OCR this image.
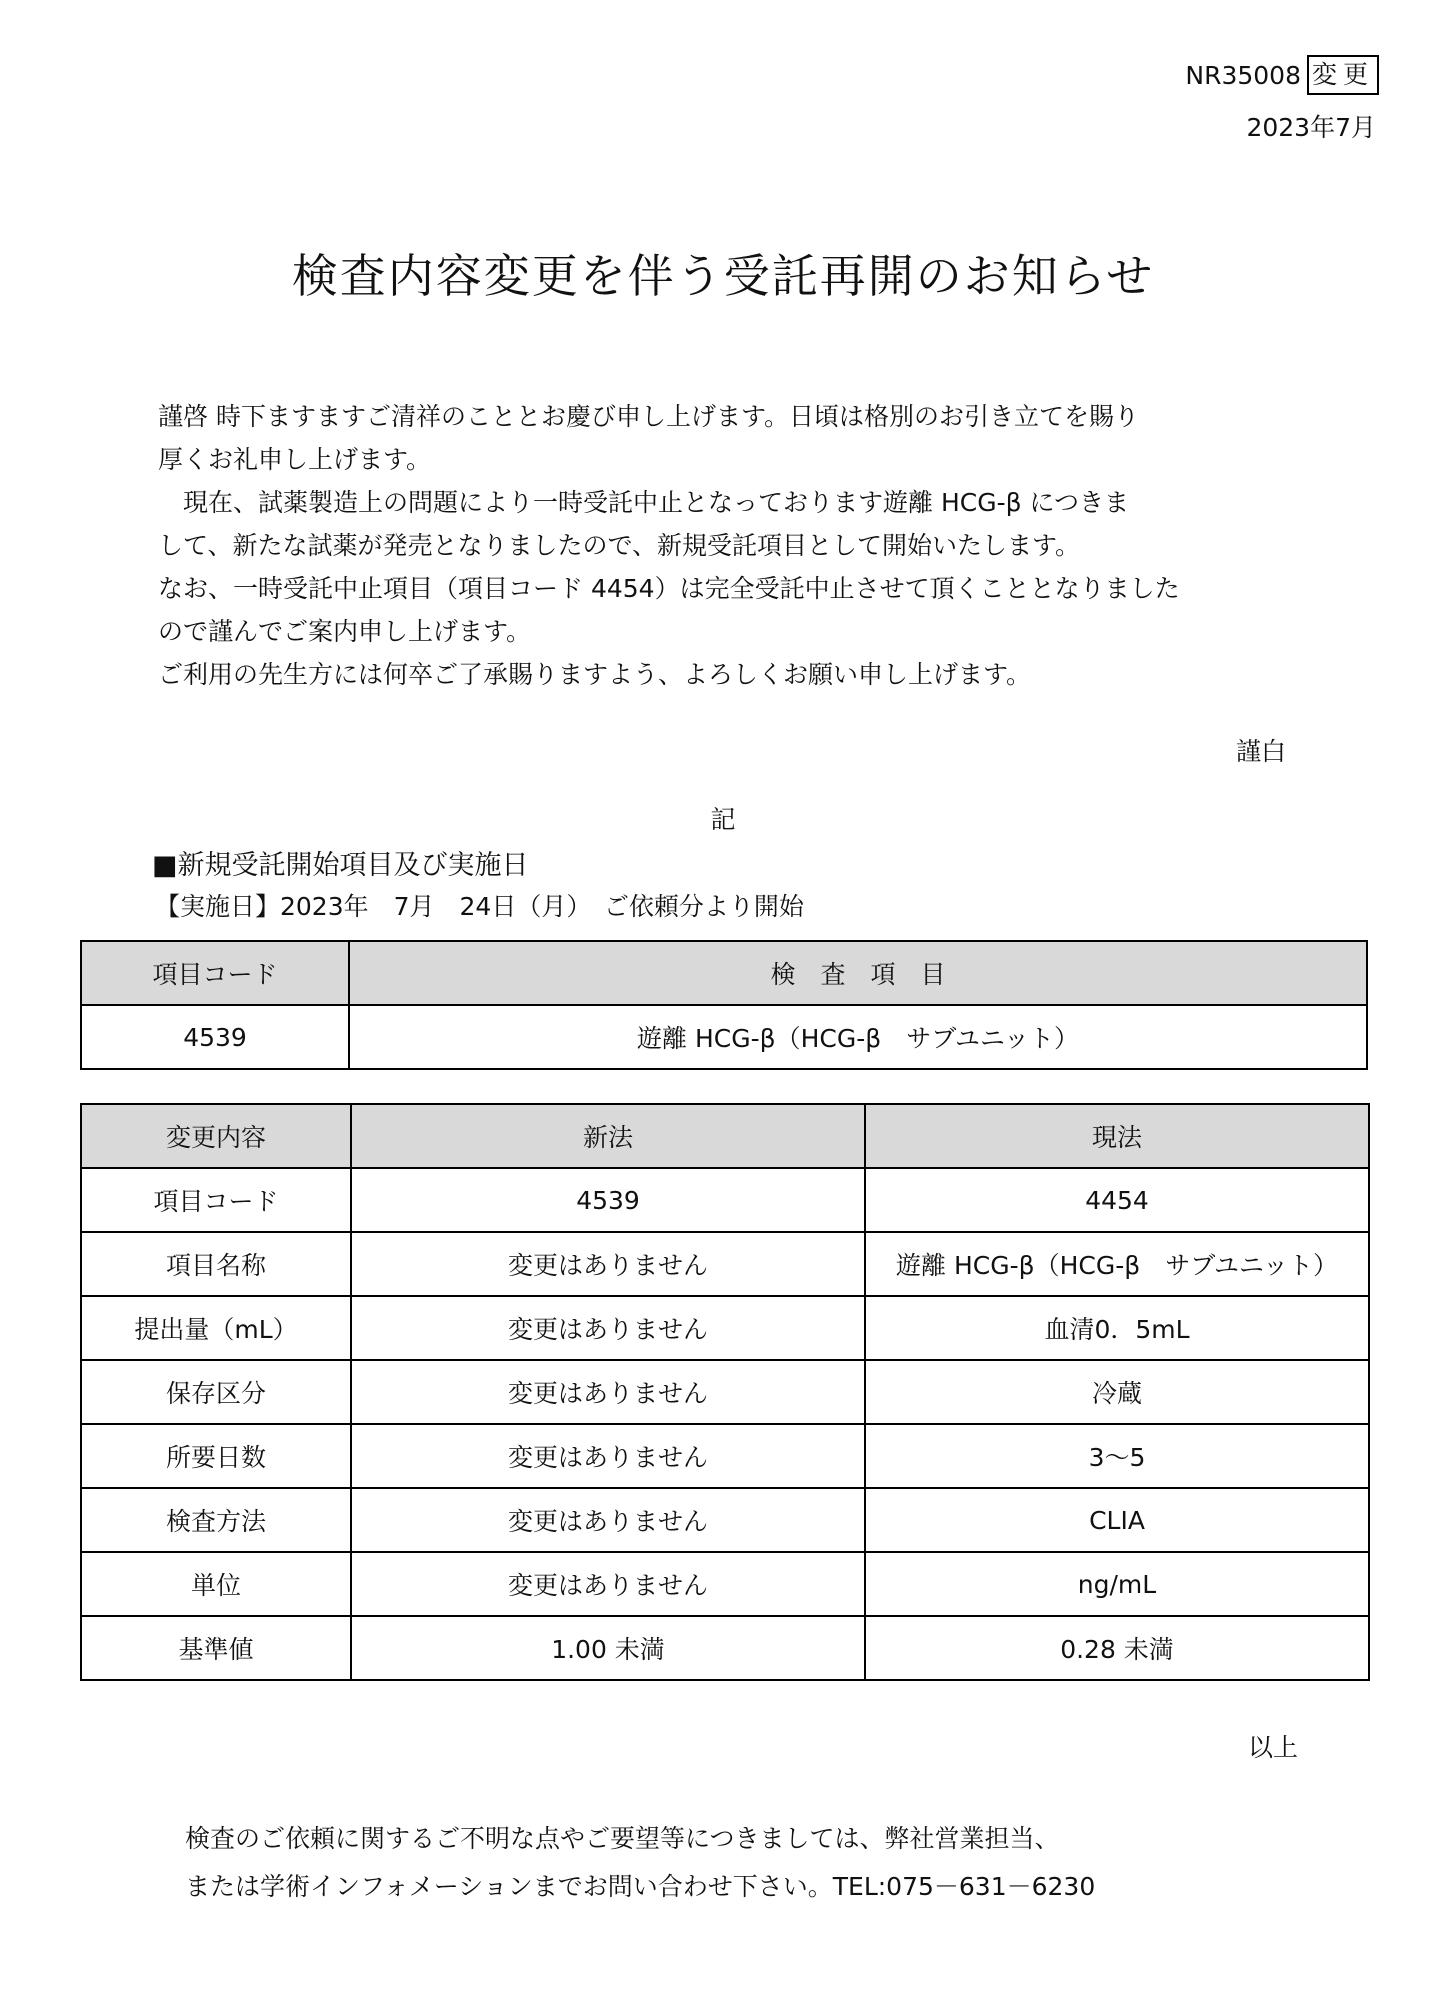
NR35008 変更
2023年7月
検査内容変更を伴う受託再開のお知らせ

謹啓 時下ますますご清祥のこととお慶び申し上げます。日頃は格別のお引き立てを賜り

厚くお礼申し上げます。

　現在、試薬製造上の問題により一時受託中止となっております遊離 HCG-β につきま

して、新たな試薬が発売となりましたので、新規受託項目として開始いたします。

なお、一時受託中止項目（項目コード 4454）は完全受託中止させて頂くこととなりました

ので謹んでご案内申し上げます。

ご利用の先生方には何卒ご了承賜りますよう、よろしくお願い申し上げます。

謹白
記
■新規受託開始項目及び実施日
【実施日】2023年　7月　24日（月）　ご依頼分より開始
項目コード	検　査　項　目
4539	遊離 HCG-β（HCG-β　サブユニット）
変更内容	新法	現法
項目コード	4539	4454
項目名称	変更はありません	遊離 HCG-β（HCG-β　サブユニット）
提出量（mL）	変更はありません	血清0．5mL
保存区分	変更はありません	冷蔵
所要日数	変更はありません	3～5
検査方法	変更はありません	CLIA
単位	変更はありません	ng/mL
基準値	1.00 未満	0.28 未満
以上

検査のご依頼に関するご不明な点やご要望等につきましては、弊社営業担当、

または学術インフォメーションまでお問い合わせ下さい。TEL:075－631－6230
